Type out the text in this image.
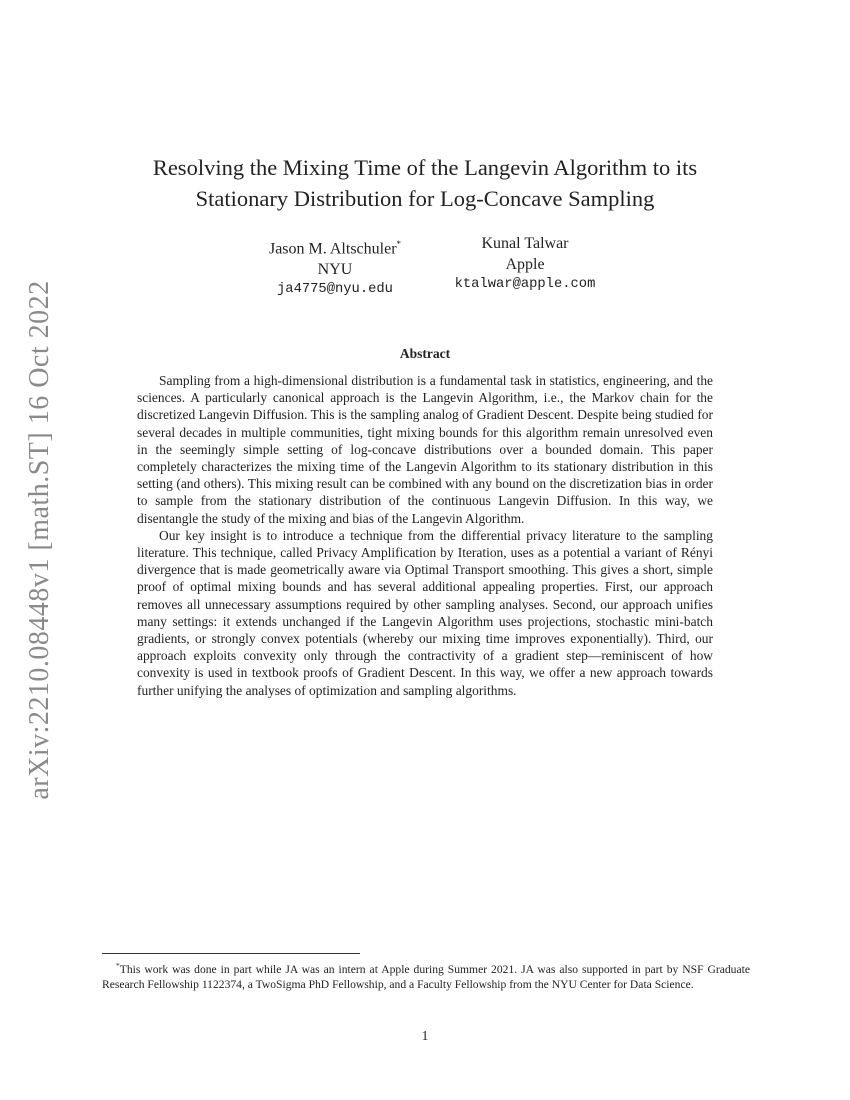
arXiv:2210.08448v1 [math.ST] 16 Oct 2022
Resolving the Mixing Time of the Langevin Algorithm to its
Stationary Distribution for Log-Concave Sampling
Jason M. Altschuler*
NYU
ja4775@nyu.edu
Kunal Talwar
Apple
ktalwar@apple.com
Abstract

Sampling from a high-dimensional distribution is a fundamental task in statistics, engineering, and the sciences. A particularly canonical approach is the Langevin Algorithm, i.e., the Markov chain for the discretized Langevin Diffusion. This is the sampling analog of Gradient Descent. Despite being studied for several decades in multiple communities, tight mixing bounds for this algorithm remain unresolved even in the seemingly simple setting of log-concave distributions over a bounded domain. This paper completely characterizes the mixing time of the Langevin Algorithm to its stationary distribution in this setting (and others). This mixing result can be combined with any bound on the discretization bias in order to sample from the stationary distribution of the continuous Langevin Diffusion. In this way, we disentangle the study of the mixing and bias of the Langevin Algorithm.

Our key insight is to introduce a technique from the differential privacy literature to the sampling literature. This technique, called Privacy Amplification by Iteration, uses as a potential a variant of Rényi divergence that is made geometrically aware via Optimal Transport smoothing. This gives a short, simple proof of optimal mixing bounds and has several additional appealing properties. First, our approach removes all unnecessary assumptions required by other sampling analyses. Second, our approach unifies many settings: it extends unchanged if the Langevin Algorithm uses projections, stochastic mini-batch gradients, or strongly convex potentials (whereby our mixing time improves exponentially). Third, our approach exploits convexity only through the contractivity of a gradient step—reminiscent of how convexity is used in textbook proofs of Gradient Descent. In this way, we offer a new approach towards further unifying the analyses of optimization and sampling algorithms.

*This work was done in part while JA was an intern at Apple during Summer 2021. JA was also supported in part by NSF Graduate Research Fellowship 1122374, a TwoSigma PhD Fellowship, and a Faculty Fellowship from the NYU Center for Data Science.
1
